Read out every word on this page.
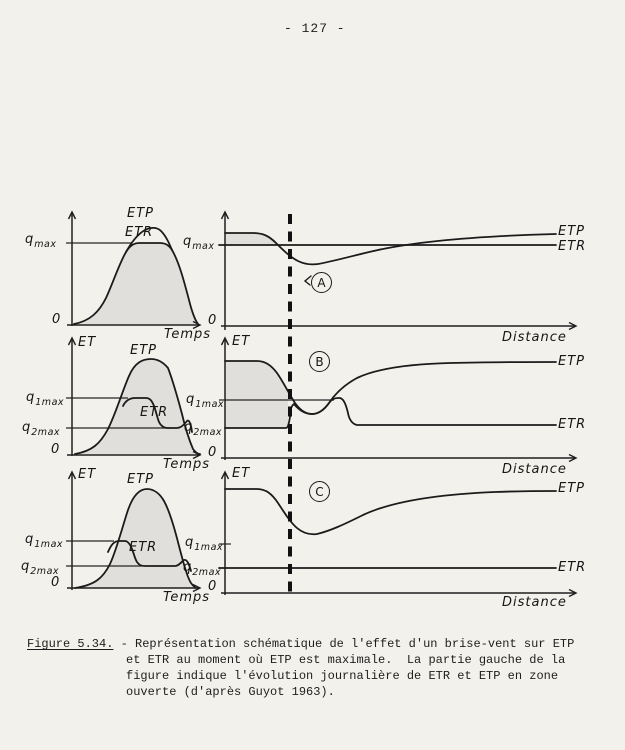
- 127 -
ETP
ETR
$q_{max}$
0
Temps
$q_{max}$
0
ETP
ETR
Distance
A
ET
ETP
ETR
$q_{1max}$
$q_{2max}$
0
Temps
ET
$q_{1max}$
$q_{2max}$
0
ETP
ETR
Distance
B
ET ETP
ETR
$q_{1max}$
$q_{2max}$
0
Temps
ET
$q_{1max}$
$q_{2max}$
0
ETP
ETR
Distance
C
Figure 5.34. - Représentation schématique de l'effet d'un brise-vent sur ETP
et ETR au moment où ETP est maximale.  La partie gauche de la
figure indique l'évolution journalière de ETR et ETP en zone
ouverte (d'après Guyot 1963).
